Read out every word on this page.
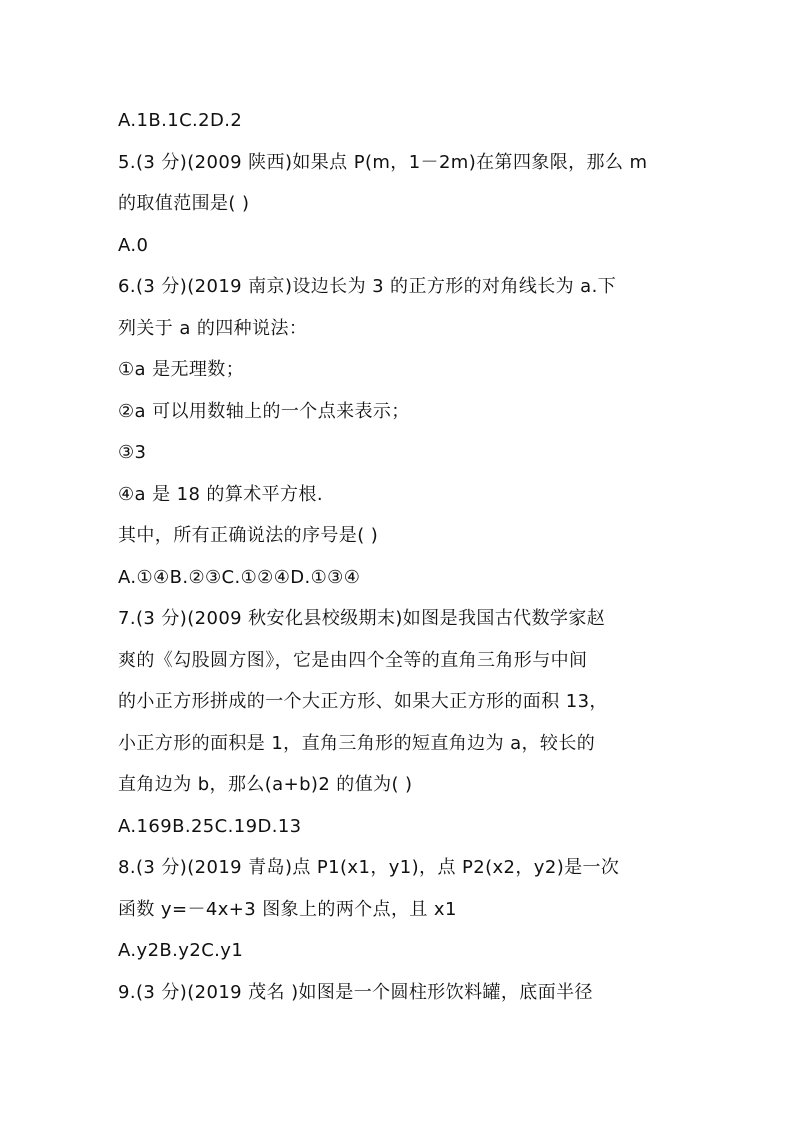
A.1B.1C.2D.2
5.(3 分)(2009 陕西)如果点 P(m，1－2m)在第四象限，那么 m
的取值范围是( )
A.0
6.(3 分)(2019 南京)设边长为 3 的正方形的对角线长为 a.下
列关于 a 的四种说法：
①a 是无理数；
②a 可以用数轴上的一个点来表示；
③3
④a 是 18 的算术平方根.
其中，所有正确说法的序号是( )
A.①④B.②③C.①②④D.①③④
7.(3 分)(2009 秋安化县校级期末)如图是我国古代数学家赵
爽的《勾股圆方图》，它是由四个全等的直角三角形与中间
的小正方形拼成的一个大正方形、如果大正方形的面积 13，
小正方形的面积是 1，直角三角形的短直角边为 a，较长的
直角边为 b，那么(a+b)2 的值为( )
A.169B.25C.19D.13
8.(3 分)(2019 青岛)点 P1(x1，y1)，点 P2(x2，y2)是一次
函数 y=－4x+3 图象上的两个点，且 x1
A.y2B.y2C.y1
9.(3 分)(2019 茂名 )如图是一个圆柱形饮料罐，底面半径
